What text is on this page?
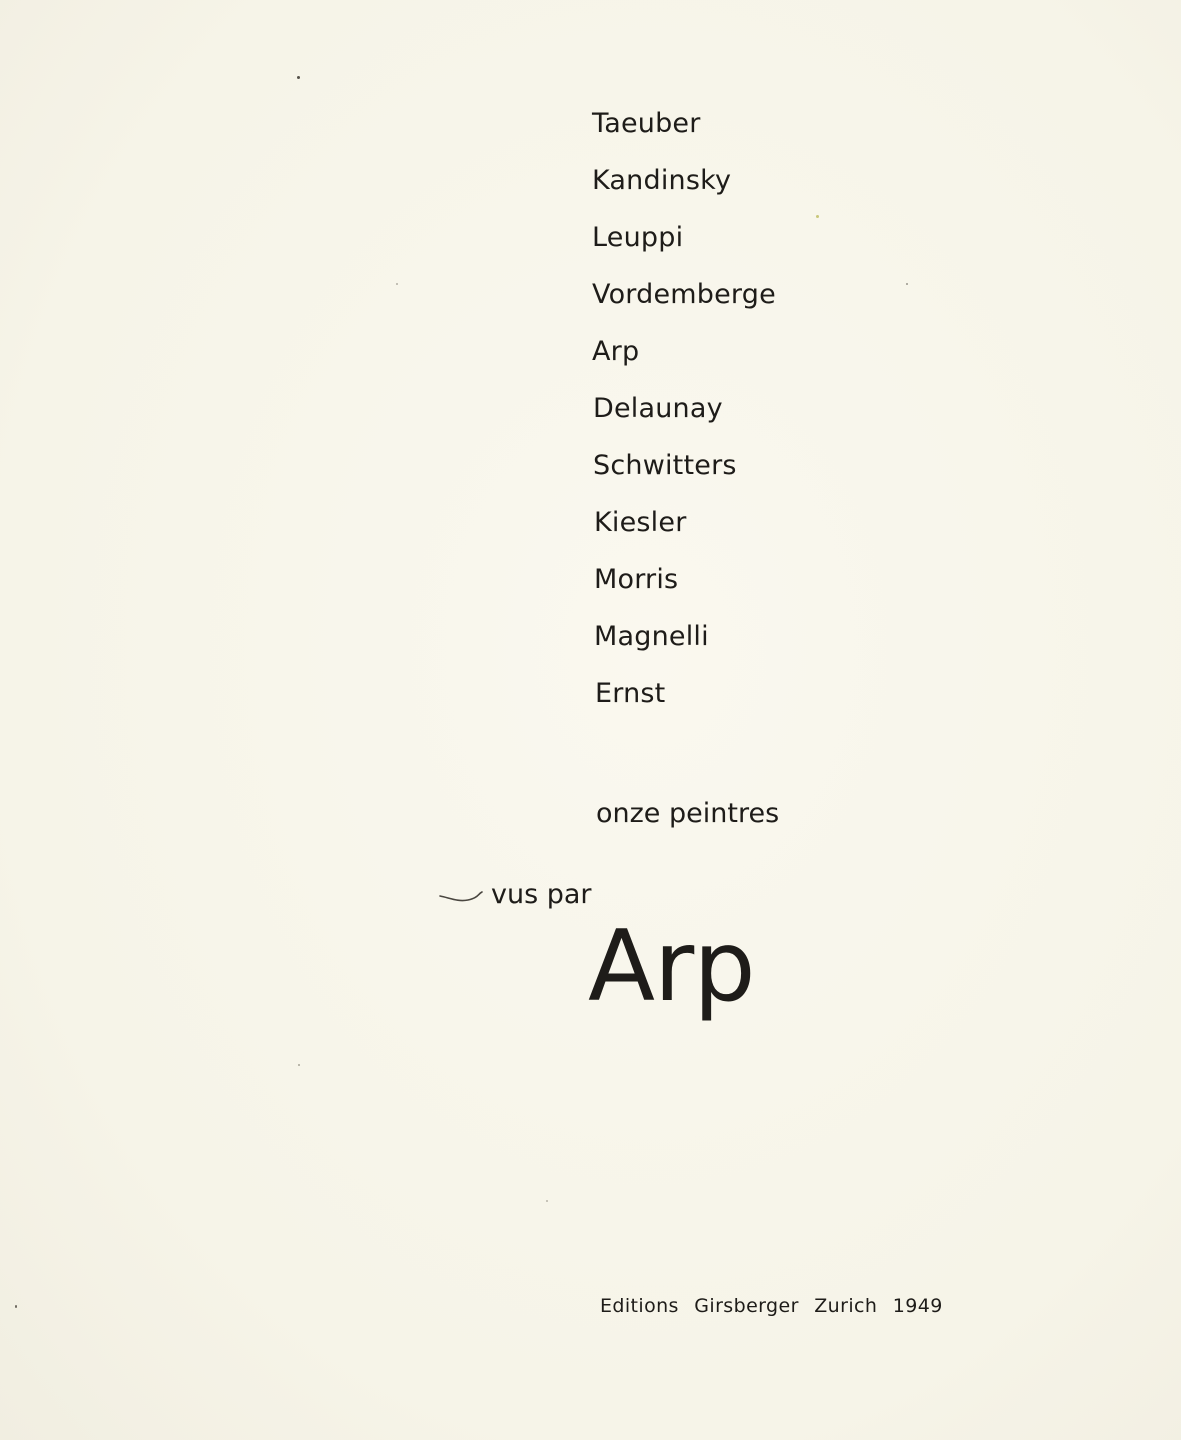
Taeuber
Kandinsky
Leuppi
Vordemberge
Arp
Delaunay
Schwitters
Kiesler
Morris
Magnelli
Ernst
onze peintres
vus par
Arp
Editions Girsberger Zurich 1949
